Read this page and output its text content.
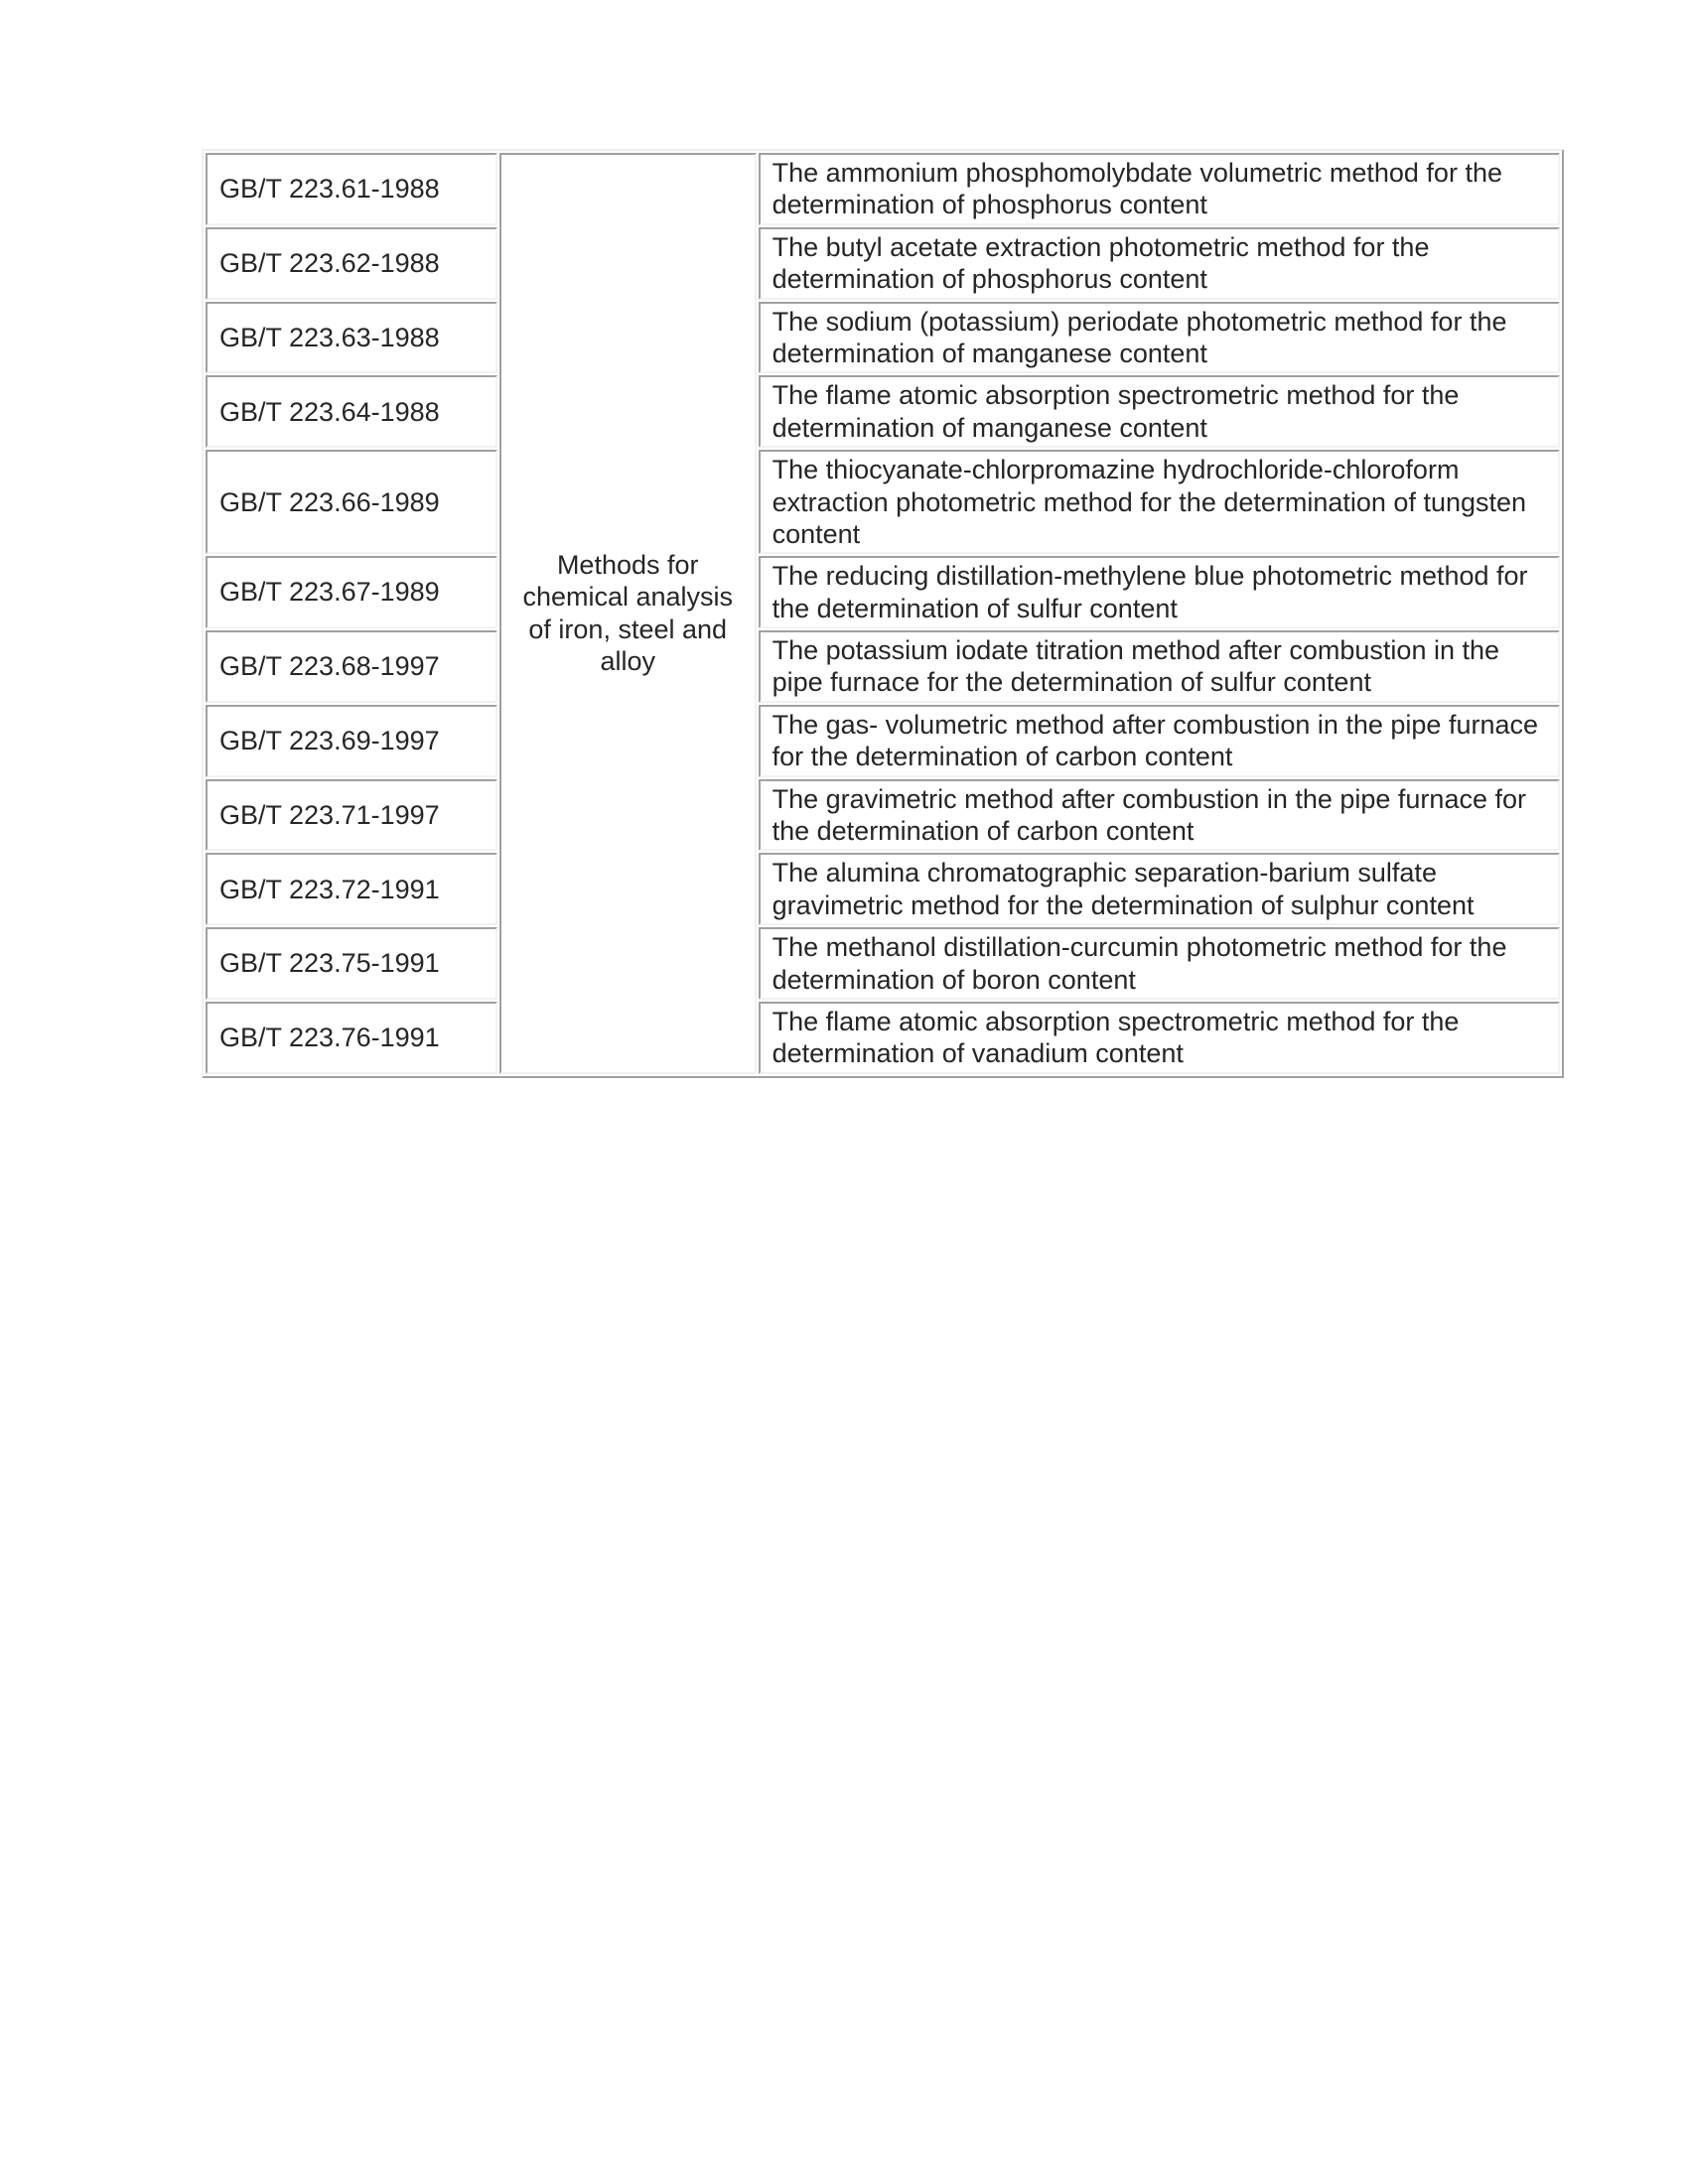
GB/T 223.61-1988	Methods for chemical analysis of iron, steel and alloy	The ammonium phosphomolybdate volumetric method for the determination of phosphorus content
GB/T 223.62-1988		The butyl acetate extraction photometric method for the determination of phosphorus content
GB/T 223.63-1988		The sodium (potassium) periodate photometric method for the determination of manganese content
GB/T 223.64-1988		The flame atomic absorption spectrometric method for the determination of manganese content
GB/T 223.66-1989		The thiocyanate-chlorpromazine hydrochloride-chloroform extraction photometric method for the determination of tungsten content
GB/T 223.67-1989		The reducing distillation-methylene blue photometric method for the determination of sulfur content
GB/T 223.68-1997		The potassium iodate titration method after combustion in the pipe furnace for the determination of sulfur content
GB/T 223.69-1997		The gas- volumetric method after combustion in the pipe furnace for the determination of carbon content
GB/T 223.71-1997		The gravimetric method after combustion in the pipe furnace for the determination of carbon content
GB/T 223.72-1991		The alumina chromatographic separation-barium sulfate gravimetric method for the determination of sulphur content
GB/T 223.75-1991		The methanol distillation-curcumin photometric method for the determination of boron content
GB/T 223.76-1991		The flame atomic absorption spectrometric method for the determination of vanadium content
